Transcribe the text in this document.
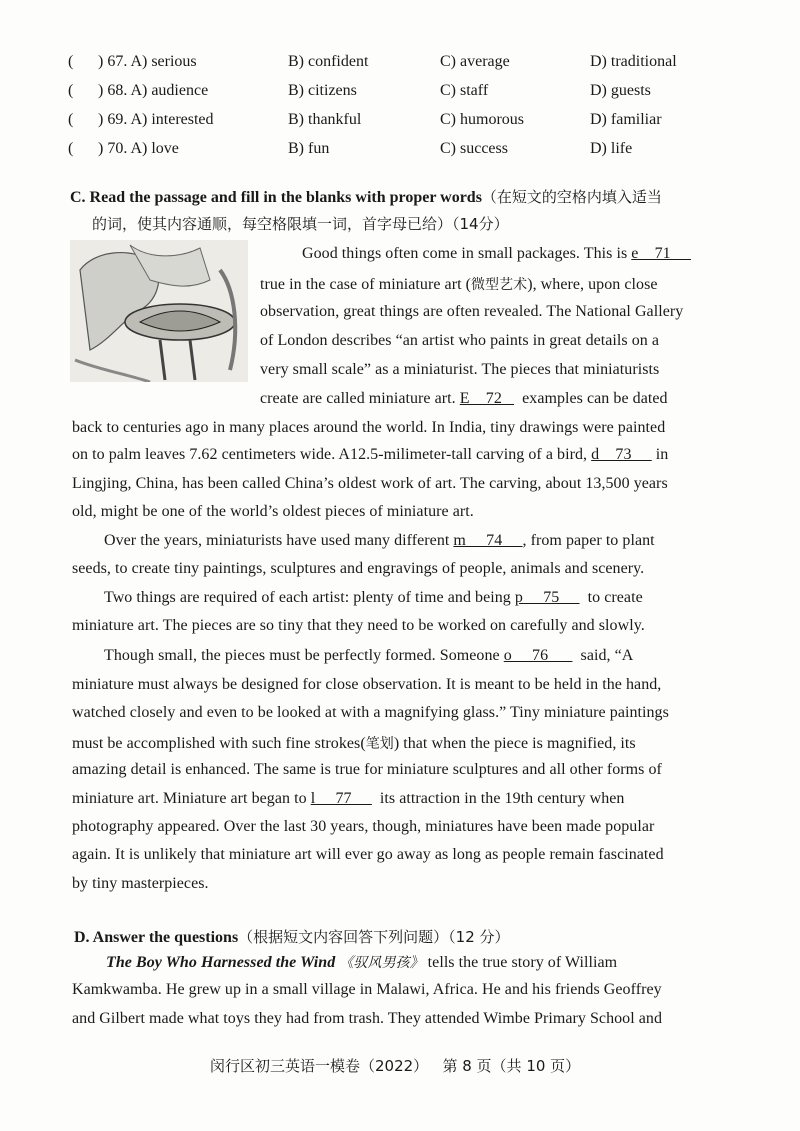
( ) 67. A) serious	B) confident	C) average	D) traditional
( ) 68. A) audience	B) citizens	C) staff	D) guests
( ) 69. A) interested	B) thankful	C) humorous	D) familiar
( ) 70. A) love	B) fun	C) success	D) life
C. Read the passage and fill in the blanks with proper words（在短文的空格内填入适当
的词，使其内容通顺，每空格限填一词，首字母已给）（14分）
Good things often come in small packages. This is e    71
true in the case of miniature art (微型艺术), where, upon close
observation, great things are often revealed. The National Gallery
of London describes “an artist who paints in great details on a
very small scale” as a miniaturist. The pieces that miniaturists
create are called miniature art. E    72     examples can be dated
back to centuries ago in many places around the world. In India, tiny drawings were painted
on to palm leaves 7.62 centimeters wide. A12.5-milimeter-tall carving of a bird, d    73      in
Lingjing, China, has been called China’s oldest work of art. The carving, about 13,500 years
old, might be one of the world’s oldest pieces of miniature art.
Over the years, miniaturists have used many different m     74     , from paper to plant
seeds, to create tiny paintings, sculptures and engravings of people, animals and scenery.
Two things are required of each artist: plenty of time and being p     75       to create
miniature art. The pieces are so tiny that they need to be worked on carefully and slowly.
Though small, the pieces must be perfectly formed. Someone o     76        said, “A
miniature must always be designed for close observation. It is meant to be held in the hand,
watched closely and even to be looked at with a magnifying glass.” Tiny miniature paintings
must be accomplished with such fine strokes(笔划) that when the piece is magnified, its
amazing detail is enhanced. The same is true for miniature sculptures and all other forms of
miniature art. Miniature art began to l     77       its attraction in the 19th century when
photography appeared. Over the last 30 years, though, miniatures have been made popular
again. It is unlikely that miniature art will ever go away as long as people remain fascinated
by tiny masterpieces.
D. Answer the questions（根据短文内容回答下列问题）（12 分）
The Boy Who Harnessed the Wind 《驭风男孩》 tells the true story of William
Kamkwamba. He grew up in a small village in Malawi, Africa. He and his friends Geoffrey
and Gilbert made what toys they had from trash. They attended Wimbe Primary School and
闵行区初三英语一模卷（2022）   第 8 页（共 10 页）
